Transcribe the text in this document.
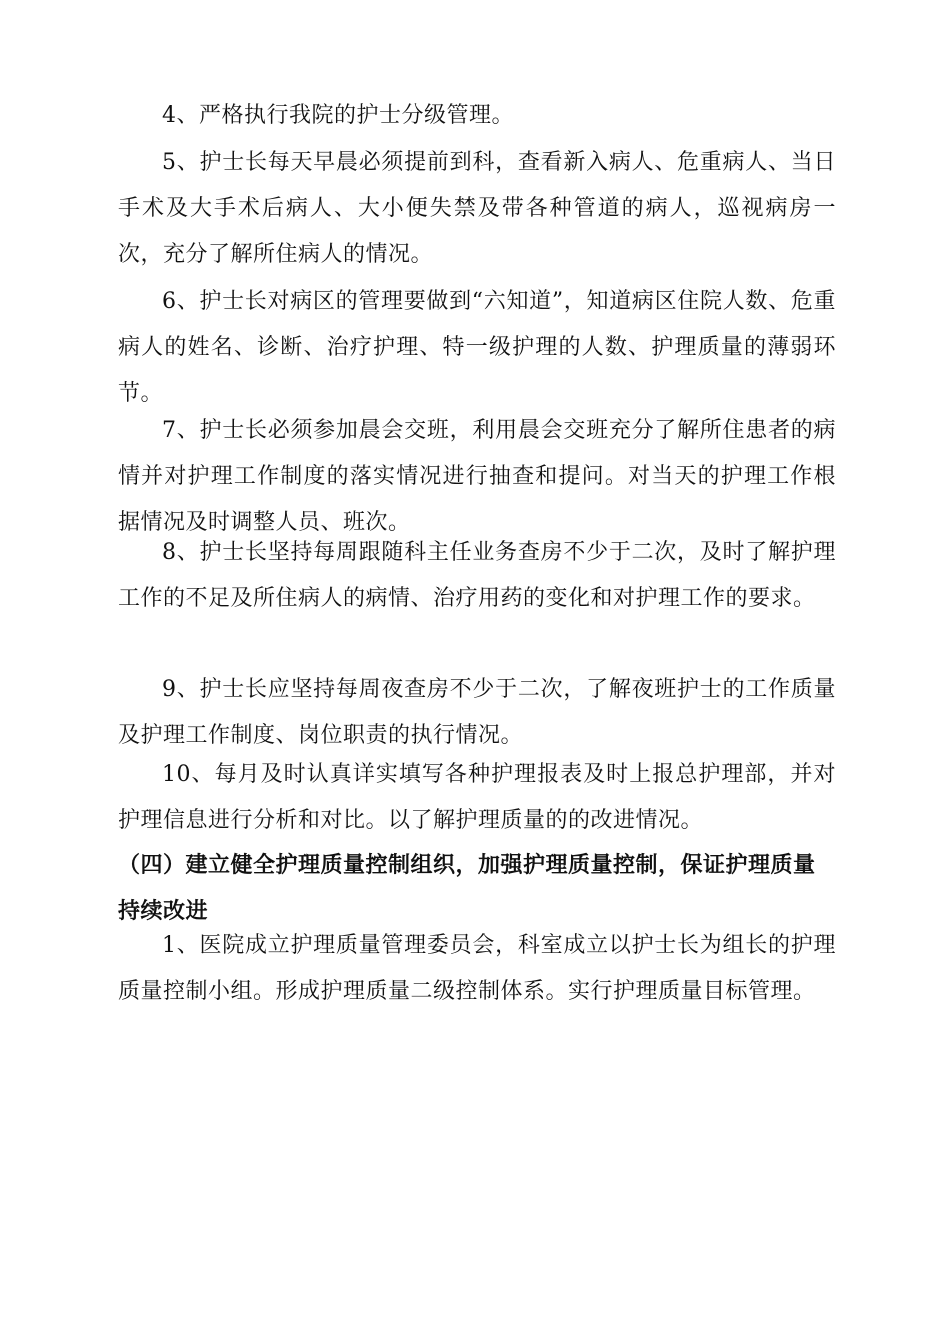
4、严格执行我院的护士分级管理。

5、护士长每天早晨必须提前到科，查看新入病人、危重病人、当日手术及大手术后病人、大小便失禁及带各种管道的病人，巡视病房一次，充分了解所住病人的情况。

6、护士长对病区的管理要做到“六知道”，知道病区住院人数、危重病人的姓名、诊断、治疗护理、特一级护理的人数、护理质量的薄弱环节。

7、护士长必须参加晨会交班，利用晨会交班充分了解所住患者的病情并对护理工作制度的落实情况进行抽查和提问。对当天的护理工作根据情况及时调整人员、班次。

8、护士长坚持每周跟随科主任业务查房不少于二次，及时了解护理工作的不足及所住病人的病情、治疗用药的变化和对护理工作的要求。

9、护士长应坚持每周夜查房不少于二次，了解夜班护士的工作质量及护理工作制度、岗位职责的执行情况。

10、每月及时认真详实填写各种护理报表及时上报总护理部，并对护理信息进行分析和对比。以了解护理质量的的改进情况。

（四）建立健全护理质量控制组织，加强护理质量控制，保证护理质量持续改进

1、医院成立护理质量管理委员会，科室成立以护士长为组长的护理质量控制小组。形成护理质量二级控制体系。实行护理质量目标管理。
